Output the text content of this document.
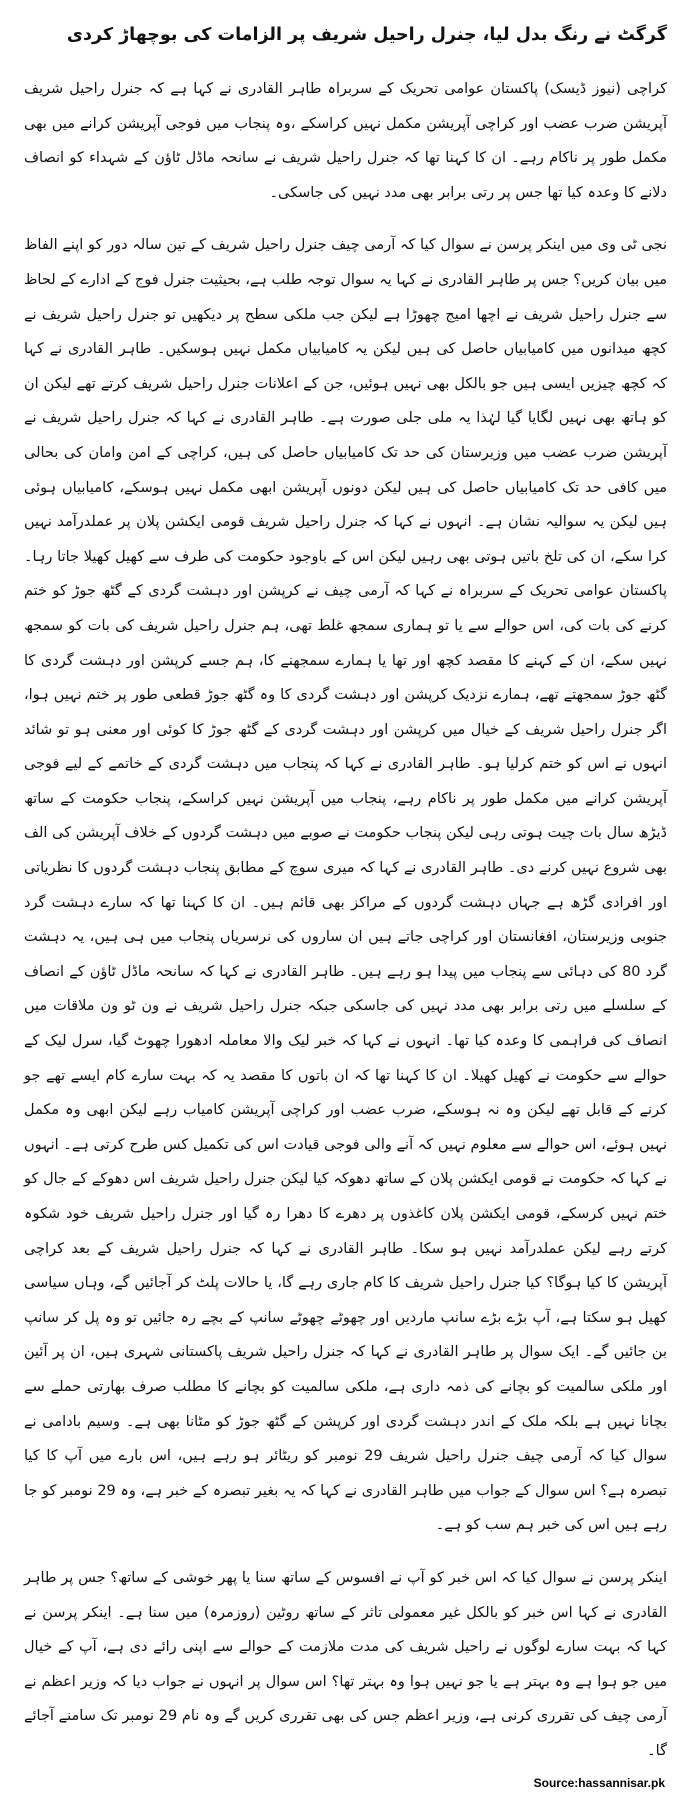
گرگٹ نے رنگ بدل لیا، جنرل راحیل شریف پر الزامات کی بوچھاڑ کردی

کراچی (نیوز ڈیسک) پاکستان عوامی تحریک کے سربراہ طاہر القادری نے کہا ہے کہ جنرل راحیل شریف آپریشن ضرب عضب اور کراچی آپریشن مکمل نہیں کراسکے ،وہ پنجاب میں فوجی آپریشن کرانے میں بھی مکمل طور پر ناکام رہے۔ ان کا کہنا تھا کہ جنرل راحیل شریف نے سانحہ ماڈل ٹاؤن کے شہداء کو انصاف دلانے کا وعدہ کیا تھا جس پر رتی برابر بھی مدد نہیں کی جاسکی۔

نجی ٹی وی میں اینکر پرسن نے سوال کیا کہ آرمی چیف جنرل راحیل شریف کے تین سالہ دور کو اپنے الفاظ میں بیان کریں؟ جس پر طاہر القادری نے کہا یہ سوال توجہ طلب ہے، بحیثیت جنرل فوج کے ادارے کے لحاظ سے جنرل راحیل شریف نے اچھا امیج چھوڑا ہے لیکن جب ملکی سطح پر دیکھیں تو جنرل راحیل شریف نے کچھ میدانوں میں کامیابیاں حاصل کی ہیں لیکن یہ کامیابیاں مکمل نہیں ہوسکیں۔ طاہر القادری نے کہا کہ کچھ چیزیں ایسی ہیں جو بالکل بھی نہیں ہوئیں، جن کے اعلانات جنرل راحیل شریف کرتے تھے لیکن ان کو ہاتھ بھی نہیں لگایا گیا لہٰذا یہ ملی جلی صورت ہے۔ طاہر القادری نے کہا کہ جنرل راحیل شریف نے آپریشن ضرب عضب میں وزیرستان کی حد تک کامیابیاں حاصل کی ہیں، کراچی کے امن وامان کی بحالی میں کافی حد تک کامیابیاں حاصل کی ہیں لیکن دونوں آپریشن ابھی مکمل نہیں ہوسکے، کامیابیاں ہوئی ہیں لیکن یہ سوالیہ نشان ہے۔ انہوں نے کہا کہ جنرل راحیل شریف قومی ایکشن پلان پر عملدرآمد نہیں کرا سکے، ان کی تلخ باتیں ہوتی بھی رہیں لیکن اس کے باوجود حکومت کی طرف سے کھیل کھیلا جاتا رہا۔ پاکستان عوامی تحریک کے سربراہ نے کہا کہ آرمی چیف نے کرپشن اور دہشت گردی کے گٹھ جوڑ کو ختم کرنے کی بات کی، اس حوالے سے یا تو ہماری سمجھ غلط تھی، ہم جنرل راحیل شریف کی بات کو سمجھ نہیں سکے، ان کے کہنے کا مقصد کچھ اور تھا یا ہمارے سمجھنے کا، ہم جسے کرپشن اور دہشت گردی کا گٹھ جوڑ سمجھتے تھے، ہمارے نزدیک کرپشن اور دہشت گردی کا وہ گٹھ جوڑ قطعی طور پر ختم نہیں ہوا، اگر جنرل راحیل شریف کے خیال میں کرپشن اور دہشت گردی کے گٹھ جوڑ کا کوئی اور معنی ہو تو شائد انہوں نے اس کو ختم کرلیا ہو۔ طاہر القادری نے کہا کہ پنجاب میں دہشت گردی کے خاتمے کے لیے فوجی آپریشن کرانے میں مکمل طور پر ناکام رہے، پنجاب میں آپریشن نہیں کراسکے، پنجاب حکومت کے ساتھ ڈیڑھ سال بات چیت ہوتی رہی لیکن پنجاب حکومت نے صوبے میں دہشت گردوں کے خلاف آپریشن کی الف بھی شروع نہیں کرنے دی۔ طاہر القادری نے کہا کہ میری سوچ کے مطابق پنجاب دہشت گردوں کا نظریاتی اور افرادی گڑھ ہے جہاں دہشت گردوں کے مراکز بھی قائم ہیں۔ ان کا کہنا تھا کہ سارے دہشت گرد جنوبی وزیرستان، افغانستان اور کراچی جاتے ہیں ان ساروں کی نرسریاں پنجاب میں ہی ہیں، یہ دہشت گرد 80 کی دہائی سے پنجاب میں پیدا ہو رہے ہیں۔ طاہر القادری نے کہا کہ سانحہ ماڈل ٹاؤن کے انصاف کے سلسلے میں رتی برابر بھی مدد نہیں کی جاسکی جبکہ جنرل راحیل شریف نے ون ٹو ون ملاقات میں انصاف کی فراہمی کا وعدہ کیا تھا۔ انہوں نے کہا کہ خبر لیک والا معاملہ ادھورا چھوٹ گیا، سرل لیک کے حوالے سے حکومت نے کھیل کھیلا۔ ان کا کہنا تھا کہ ان باتوں کا مقصد یہ کہ بہت سارے کام ایسے تھے جو کرنے کے قابل تھے لیکن وہ نہ ہوسکے، ضرب عضب اور کراچی آپریشن کامیاب رہے لیکن ابھی وہ مکمل نہیں ہوئے، اس حوالے سے معلوم نہیں کہ آنے والی فوجی قیادت اس کی تکمیل کس طرح کرتی ہے۔ انہوں نے کہا کہ حکومت نے قومی ایکشن پلان کے ساتھ دھوکہ کیا لیکن جنرل راحیل شریف اس دھوکے کے جال کو ختم نہیں کرسکے، قومی ایکشن پلان کاغذوں پر دھرے کا دھرا رہ گیا اور جنرل راحیل شریف خود شکوہ کرتے رہے لیکن عملدرآمد نہیں ہو سکا۔ طاہر القادری نے کہا کہ جنرل راحیل شریف کے بعد کراچی آپریشن کا کیا ہوگا؟ کیا جنرل راحیل شریف کا کام جاری رہے گا، یا حالات پلٹ کر آجائیں گے، وہاں سیاسی کھیل ہو سکتا ہے، آپ بڑے بڑے سانپ ماردیں اور چھوٹے چھوٹے سانپ کے بچے رہ جائیں تو وہ پل کر سانپ بن جائیں گے۔ ایک سوال پر طاہر القادری نے کہا کہ جنرل راحیل شریف پاکستانی شہری ہیں، ان پر آئین اور ملکی سالمیت کو بچانے کی ذمہ داری ہے، ملکی سالمیت کو بچانے کا مطلب صرف بھارتی حملے سے بچانا نہیں ہے بلکہ ملک کے اندر دہشت گردی اور کرپشن کے گٹھ جوڑ کو مٹانا بھی ہے۔ وسیم بادامی نے سوال کیا کہ آرمی چیف جنرل راحیل شریف 29 نومبر کو ریٹائر ہو رہے ہیں، اس بارے میں آپ کا کیا تبصرہ ہے؟ اس سوال کے جواب میں طاہر القادری نے کہا کہ یہ بغیر تبصرہ کے خبر ہے، وہ 29 نومبر کو جا رہے ہیں اس کی خبر ہم سب کو ہے۔

اینکر پرسن نے سوال کیا کہ اس خبر کو آپ نے افسوس کے ساتھ سنا یا پھر خوشی کے ساتھ؟ جس پر طاہر القادری نے کہا اس خبر کو بالکل غیر معمولی تاثر کے ساتھ روٹین (روزمرہ) میں سنا ہے۔ اینکر پرسن نے کہا کہ بہت سارے لوگوں نے راحیل شریف کی مدت ملازمت کے حوالے سے اپنی رائے دی ہے، آپ کے خیال میں جو ہوا ہے وہ بہتر ہے یا جو نہیں ہوا وہ بہتر تھا؟ اس سوال پر انہوں نے جواب دیا کہ وزیر اعظم نے آرمی چیف کی تقرری کرنی ہے، وزیر اعظم جس کی بھی تقرری کریں گے وہ نام 29 نومبر تک سامنے آجائے گا۔

Source:hassannisar.pk
